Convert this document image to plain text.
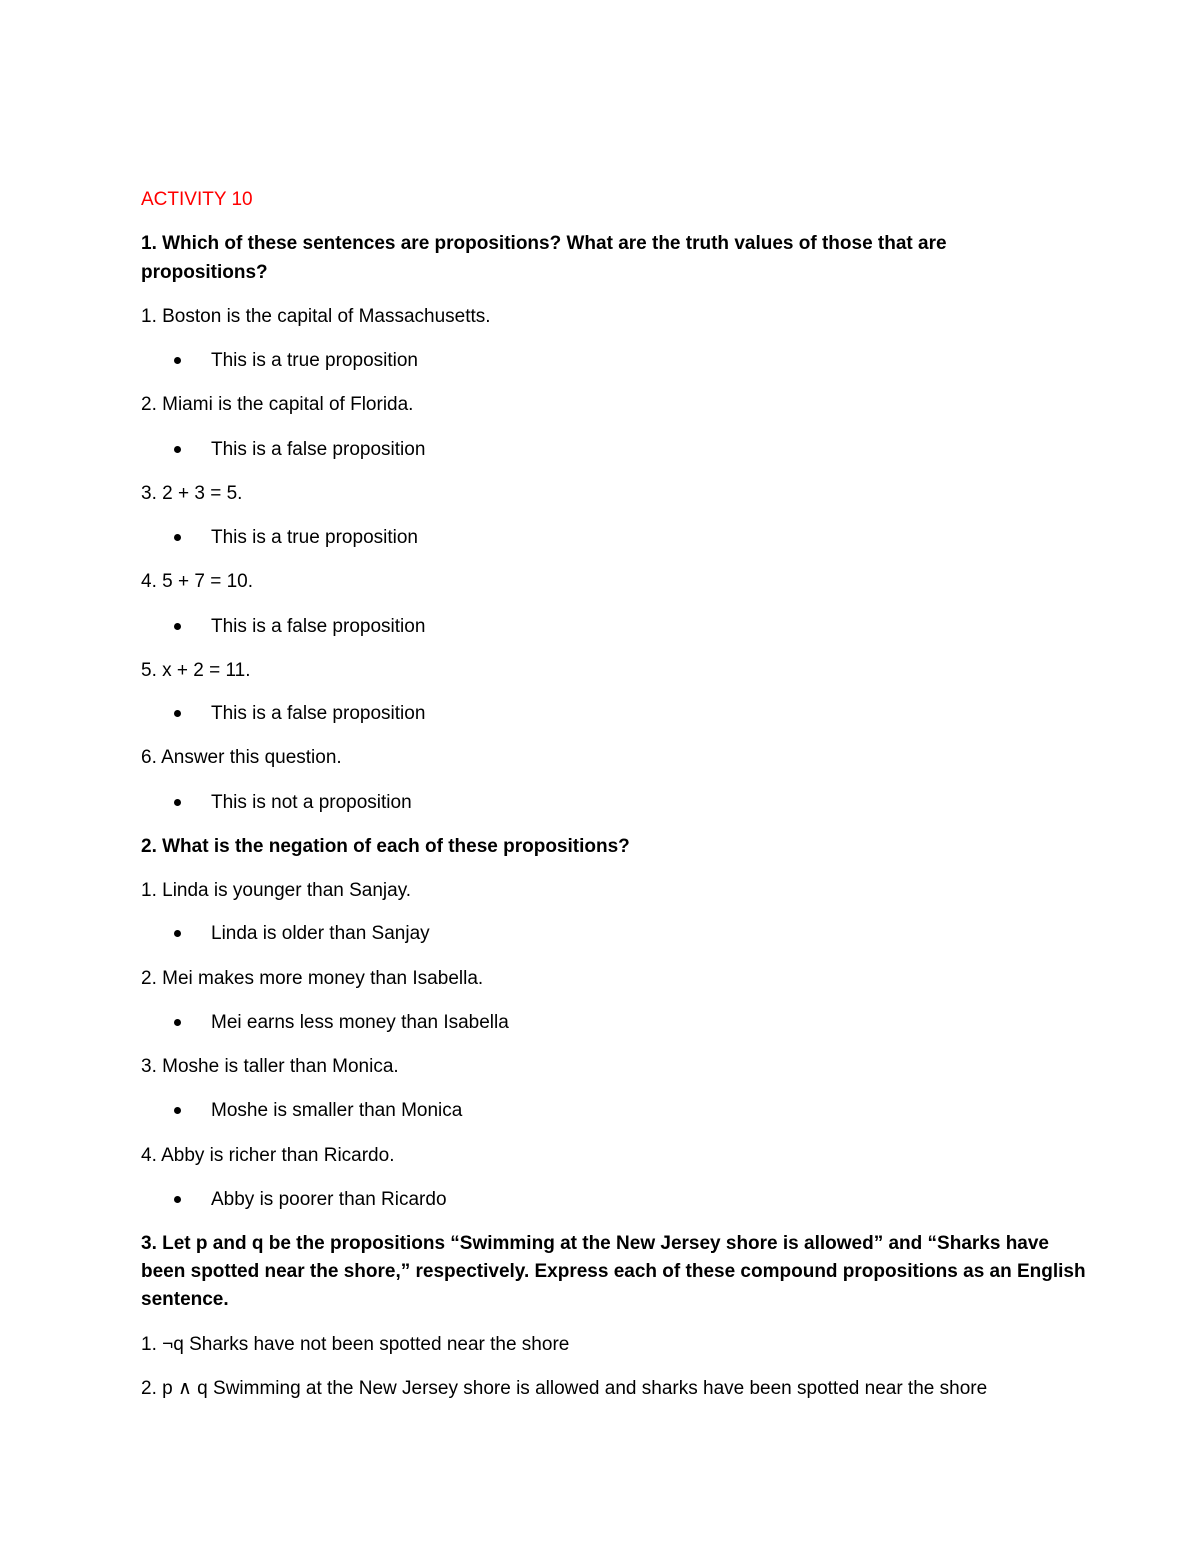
ACTIVITY 10
1. Which of these sentences are propositions? What are the truth values of those that are
propositions?
1. Boston is the capital of Massachusetts.
This is a true proposition
2. Miami is the capital of Florida.
This is a false proposition
3. 2 + 3 = 5.
This is a true proposition
4. 5 + 7 = 10.
This is a false proposition
5. x + 2 = 11.
This is a false proposition
6. Answer this question.
This is not a proposition
2. What is the negation of each of these propositions?
1. Linda is younger than Sanjay.
Linda is older than Sanjay
2. Mei makes more money than Isabella.
Mei earns less money than Isabella
3. Moshe is taller than Monica.
Moshe is smaller than Monica
4. Abby is richer than Ricardo.
Abby is poorer than Ricardo
3. Let p and q be the propositions “Swimming at the New Jersey shore is allowed” and “Sharks have
been spotted near the shore,” respectively. Express each of these compound propositions as an English
sentence.
1. ¬q Sharks have not been spotted near the shore
2. p ∧ q Swimming at the New Jersey shore is allowed and sharks have been spotted near the shore
